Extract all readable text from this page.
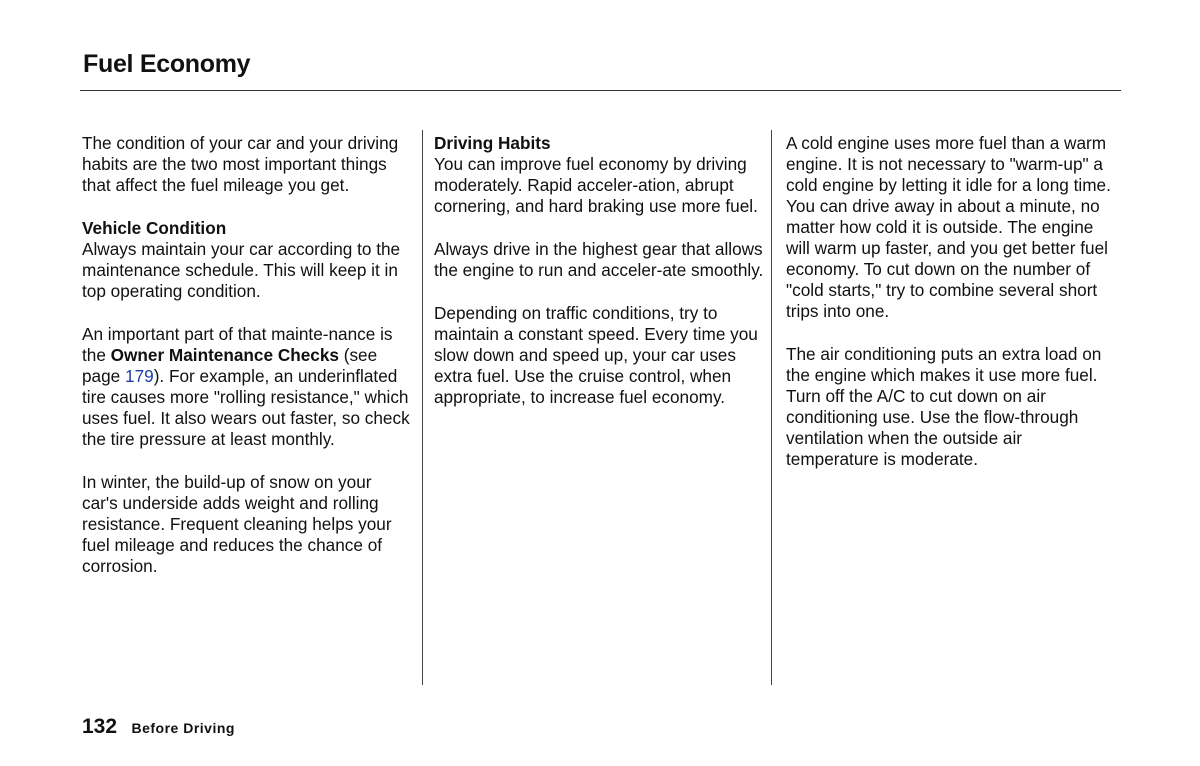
Fuel Economy

The condition of your car and your driving habits are the two most important things that affect the fuel mileage you get.

Vehicle Condition

Always maintain your car according to the maintenance schedule. This will keep it in top operating condition.

An important part of that mainte-nance is the Owner Maintenance Checks (see page 179). For example, an underinflated tire causes more "rolling resistance," which uses fuel. It also wears out faster, so check the tire pressure at least monthly.

In winter, the build-up of snow on your car's underside adds weight and rolling resistance. Frequent cleaning helps your fuel mileage and reduces the chance of corrosion.

Driving Habits

You can improve fuel economy by driving moderately. Rapid acceler-ation, abrupt cornering, and hard braking use more fuel.

Always drive in the highest gear that allows the engine to run and acceler-ate smoothly.

Depending on traffic conditions, try to maintain a constant speed. Every time you slow down and speed up, your car uses extra fuel. Use the cruise control, when appropriate, to increase fuel economy.

A cold engine uses more fuel than a warm engine. It is not necessary to "warm-up" a cold engine by letting it idle for a long time. You can drive away in about a minute, no matter how cold it is outside. The engine will warm up faster, and you get better fuel economy. To cut down on the number of "cold starts," try to combine several short trips into one.

The air conditioning puts an extra load on the engine which makes it use more fuel. Turn off the A/C to cut down on air conditioning use. Use the flow-through ventilation when the outside air temperature is moderate.

132 Before Driving
